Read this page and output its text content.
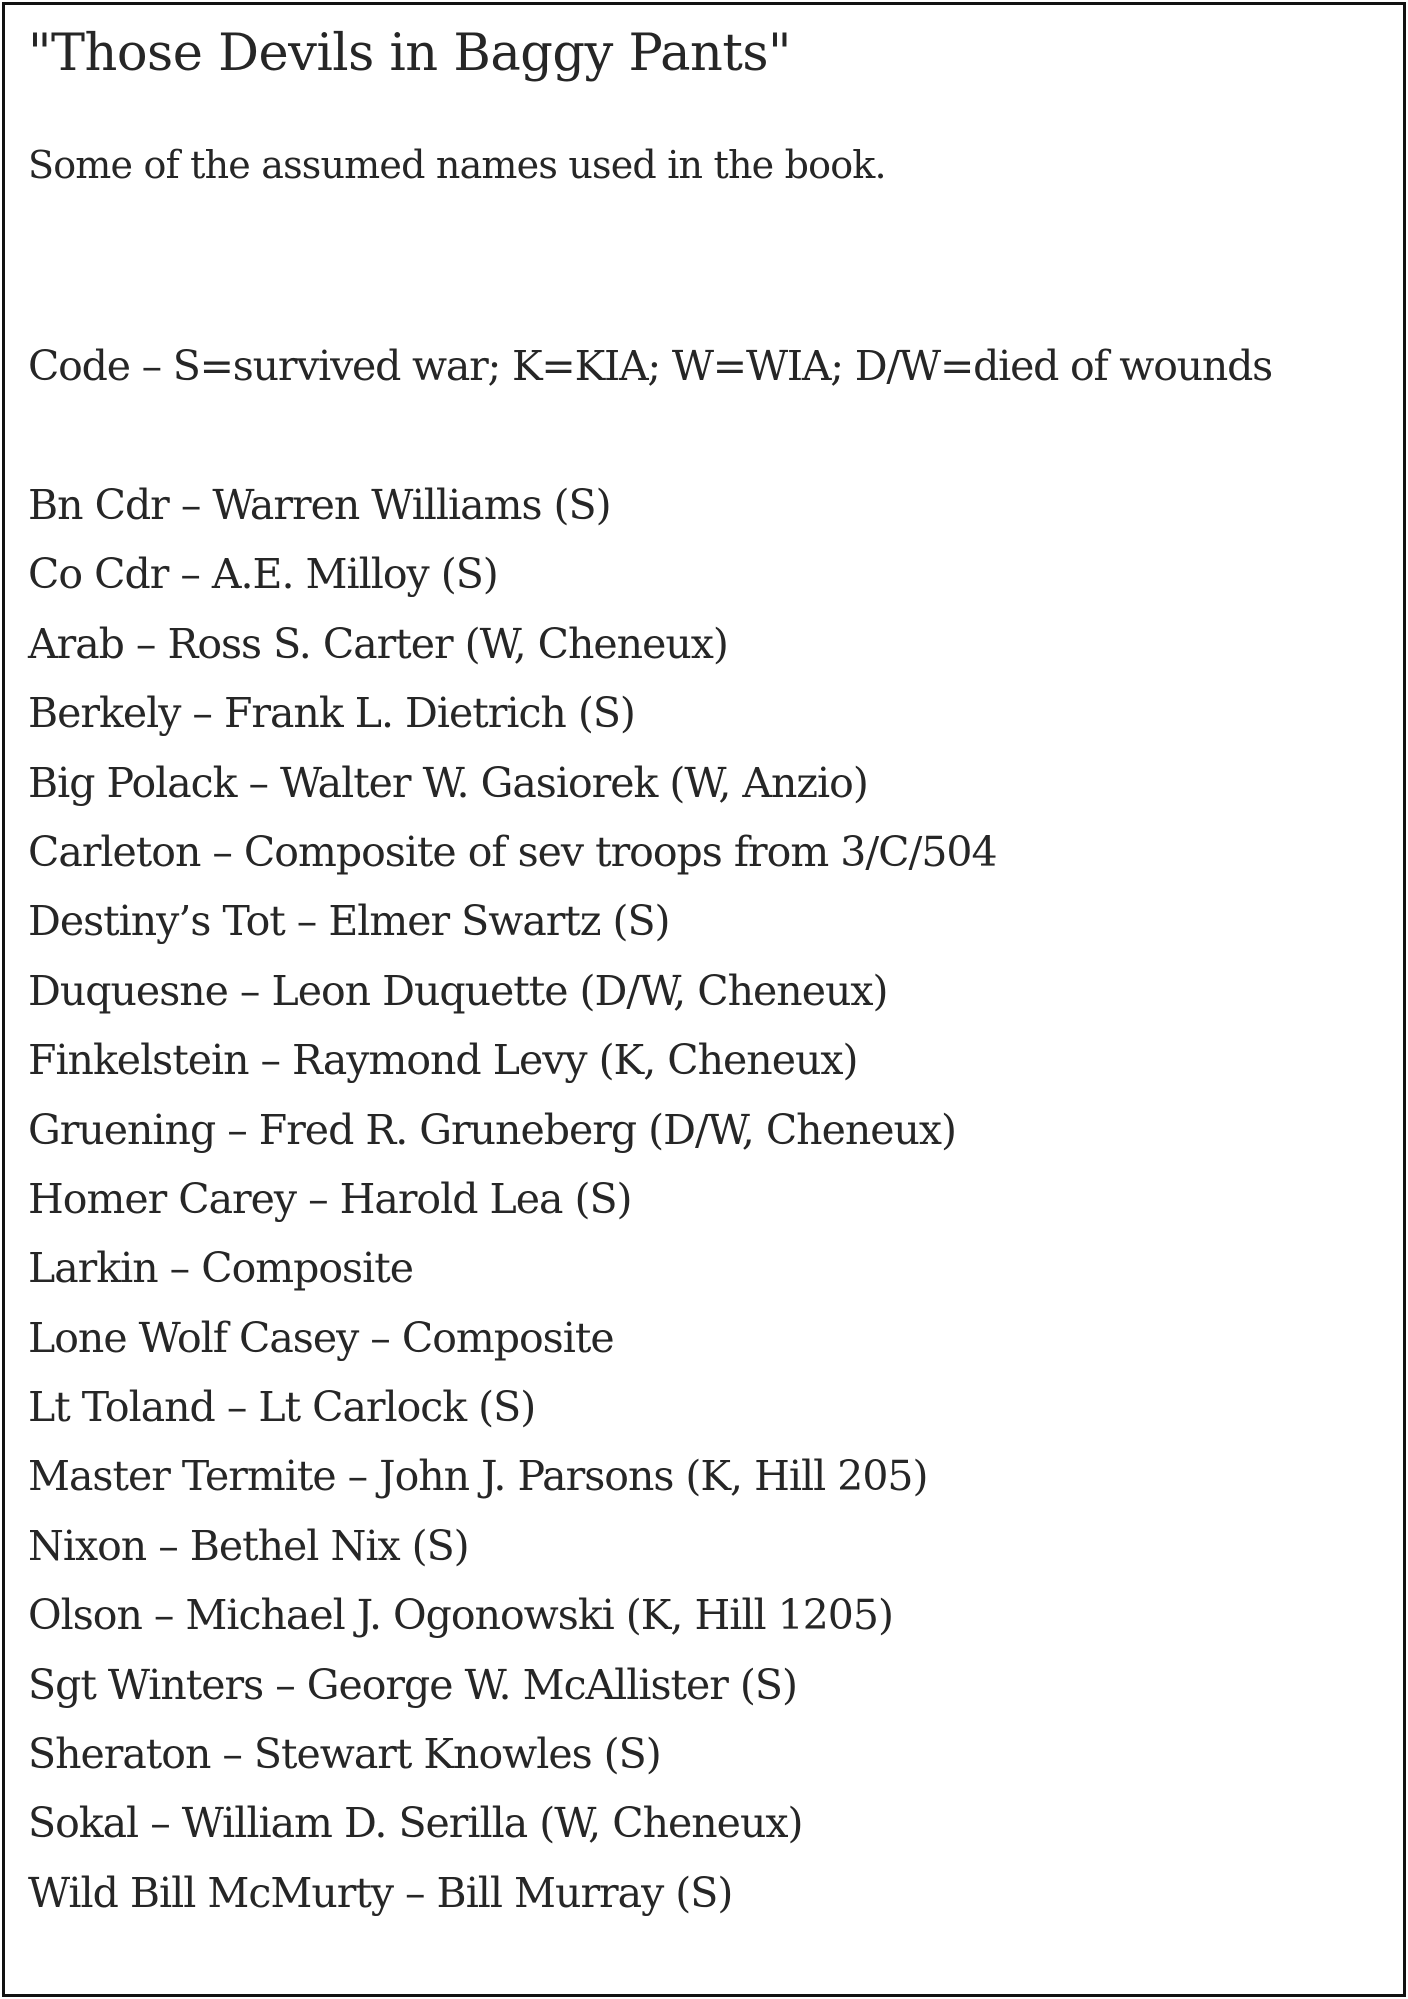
"Those Devils in Baggy Pants"
Some of the assumed names used in the book.
Code – S=survived war; K=KIA; W=WIA; D/W=died of wounds
Bn Cdr – Warren Williams (S)
Co Cdr – A.E. Milloy (S)
Arab – Ross S. Carter (W, Cheneux)
Berkely – Frank L. Dietrich (S)
Big Polack – Walter W. Gasiorek (W, Anzio)
Carleton – Composite of sev troops from 3/C/504
Destiny’s Tot – Elmer Swartz (S)
Duquesne – Leon Duquette (D/W, Cheneux)
Finkelstein – Raymond Levy (K, Cheneux)
Gruening – Fred R. Gruneberg (D/W, Cheneux)
Homer Carey – Harold Lea (S)
Larkin – Composite
Lone Wolf Casey – Composite
Lt Toland – Lt Carlock (S)
Master Termite – John J. Parsons (K, Hill 205)
Nixon – Bethel Nix (S)
Olson – Michael J. Ogonowski (K, Hill 1205)
Sgt Winters – George W. McAllister (S)
Sheraton – Stewart Knowles (S)
Sokal – William D. Serilla (W, Cheneux)
Wild Bill McMurty – Bill Murray (S)
